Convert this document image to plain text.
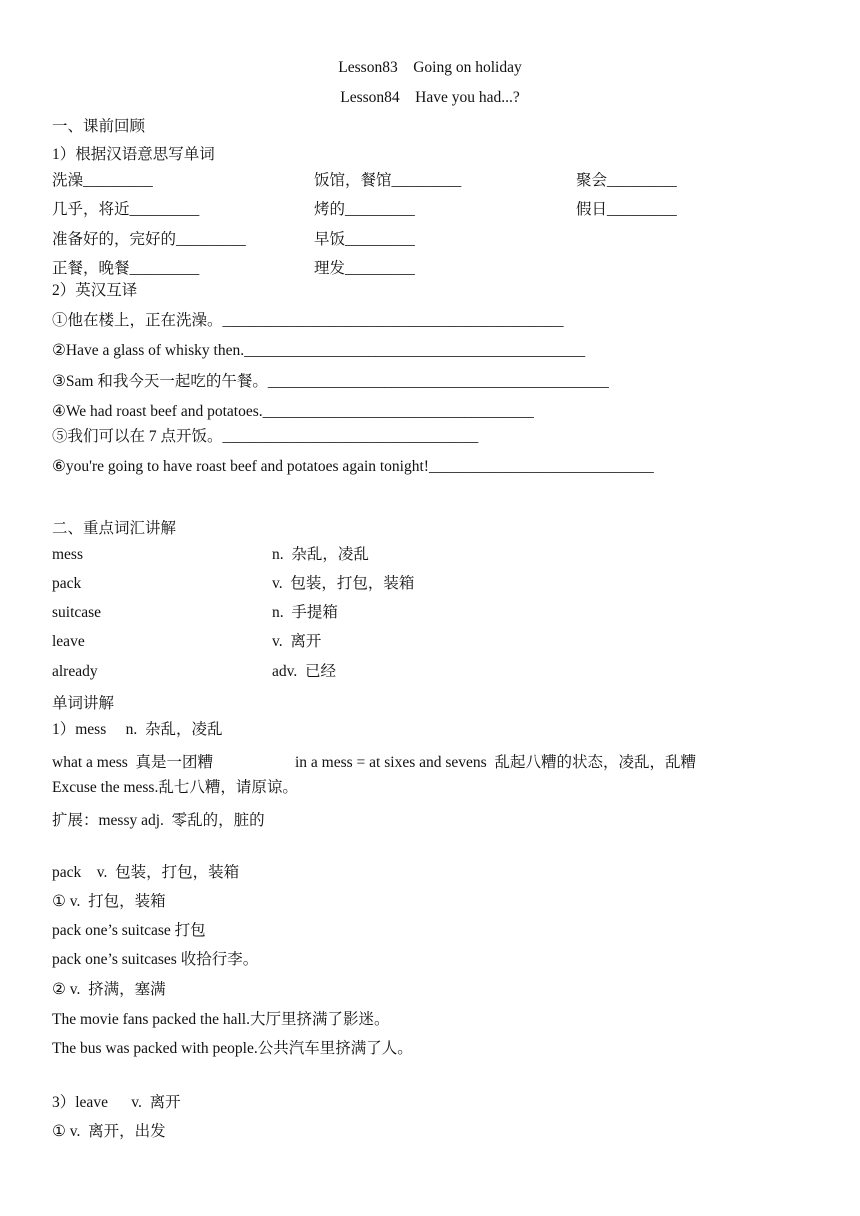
Lesson83    Going on holiday
Lesson84    Have you had...?
一、课前回顾
1）根据汉语意思写单词
洗澡_________	饭馆，餐馆_________	聚会_________
几乎，将近_________	烤的_________	假日_________
准备好的，完好的_________	早饭_________
正餐，晚餐_________	理发_________
2）英汉互译
①他在楼上，正在洗澡。____________________________________________
②Have a glass of whisky then.____________________________________________
③Sam 和我今天一起吃的午餐。____________________________________________
④We had roast beef and potatoes.___________________________________
⑤我们可以在 7 点开饭。_________________________________
⑥you're going to have roast beef and potatoes again tonight!_____________________________
二、重点词汇讲解
mess	n.  杂乱，凌乱
pack	v.  包装，打包，装箱
suitcase	n.  手提箱
leave	v.  离开
already	adv.  已经
单词讲解
1）mess     n.  杂乱，凌乱
what a mess  真是一团糟	in a mess = at sixes and sevens  乱起八糟的状态，凌乱，乱糟
Excuse the mess.乱七八糟，请原谅。
扩展：messy adj.  零乱的，脏的
pack    v.  包装，打包，装箱
① v.  打包，装箱
pack one’s suitcase 打包
pack one’s suitcases 收拾行李。
② v.  挤满，塞满
The movie fans packed the hall.大厅里挤满了影迷。
The bus was packed with people.公共汽车里挤满了人。
3）leave      v.  离开
① v.  离开，出发
